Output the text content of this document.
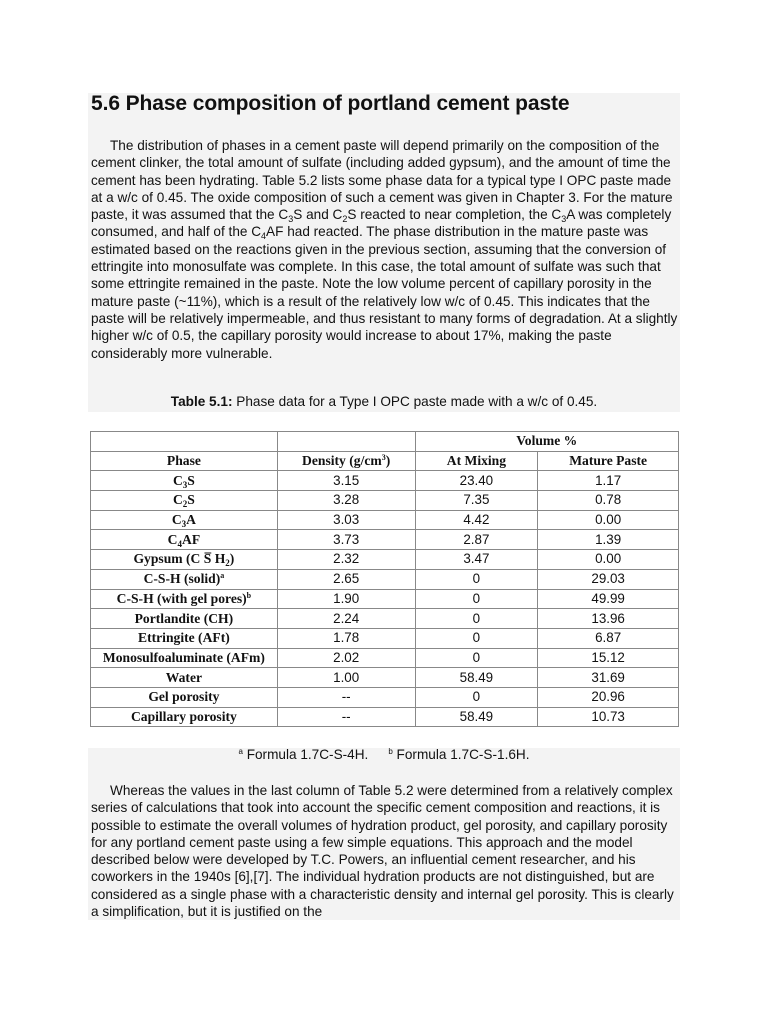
5.6 Phase composition of portland cement paste

The distribution of phases in a cement paste will depend primarily on the composition of the cement clinker, the total amount of sulfate (including added gypsum), and the amount of time the cement has been hydrating. Table 5.2 lists some phase data for a typical type I OPC paste made at a w/c of 0.45. The oxide composition of such a cement was given in Chapter 3. For the mature paste, it was assumed that the $C_3S$ and $C_2S$ reacted to near completion, the $C_3A$ was completely consumed, and half of the $C_4AF$ had reacted. The phase distribution in the mature paste was estimated based on the reactions given in the previous section, assuming that the conversion of ettringite into monosulfate was complete. In this case, the total amount of sulfate was such that some ettringite remained in the paste. Note the low volume percent of capillary porosity in the mature paste (~11%), which is a result of the relatively low w/c of 0.45. This indicates that the paste will be relatively impermeable, and thus resistant to many forms of degradation. At a slightly higher w/c of 0.5, the capillary porosity would increase to about 17%, making the paste considerably more vulnerable.

Table 5.1: Phase data for a Type I OPC paste made with a w/c of 0.45.
		Volume %	
Phase	Density $(g/cm^3)$	At Mixing	Mature Paste
$C_3S$	3.15	23.40	1.17
$C_2S$	3.28	7.35	0.78
$C_3A$	3.03	4.42	0.00
$C_4AF$	3.73	2.87	1.39
Gypsum (C S̅ $H_2$)	2.32	3.47	0.00
C-S-H (solid)$^a$	2.65	0	29.03
C-S-H (with gel pores)$^b$	1.90	0	49.99
Portlandite (CH)	2.24	0	13.96
Ettringite (AFt)	1.78	0	6.87
Monosulfoaluminate (AFm)	2.02	0	15.12
Water	1.00	58.49	31.69
Gel porosity	--	0	20.96
Capillary porosity	--	58.49	10.73
$^a$ Formula 1.7C-S-4H.	$^b$ Formula 1.7C-S-1.6H.

Whereas the values in the last column of Table 5.2 were determined from a relatively complex series of calculations that took into account the specific cement composition and reactions, it is possible to estimate the overall volumes of hydration product, gel porosity, and capillary porosity for any portland cement paste using a few simple equations. This approach and the model described below were developed by T.C. Powers, an influential cement researcher, and his coworkers in the 1940s [6],[7]. The individual hydration products are not distinguished, but are considered as a single phase with a characteristic density and internal gel porosity. This is clearly a simplification, but it is justified on the
